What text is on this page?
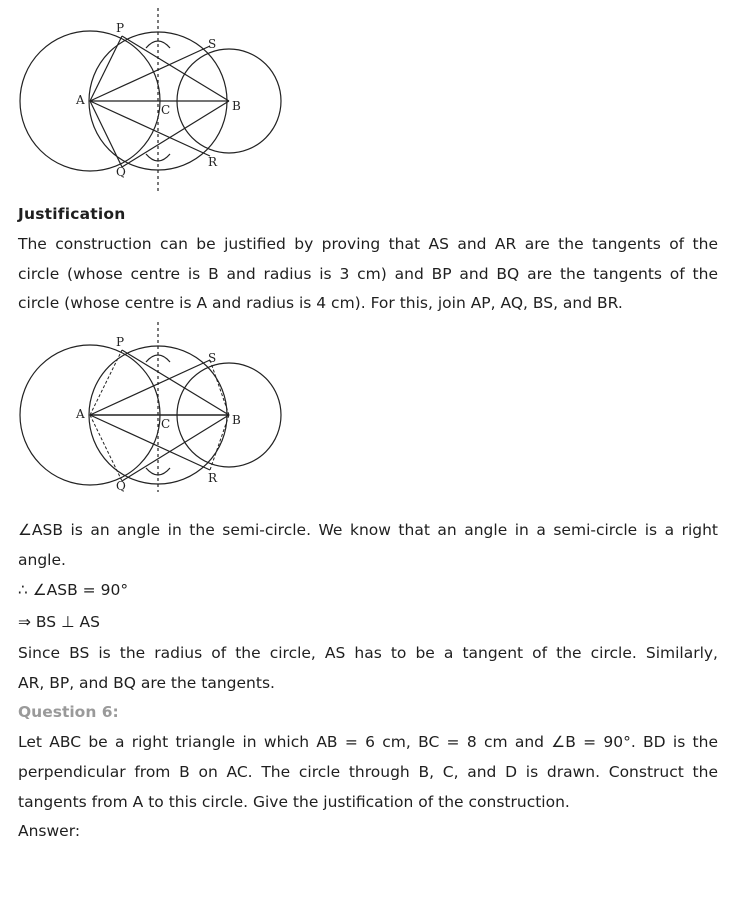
P
S
A	B
C
Q
R
Justification
The construction can be justified by proving that AS and AR are the tangents of the
circle (whose centre is B and radius is 3 cm) and BP and BQ are the tangents of the
circle (whose centre is A and radius is 4 cm). For this, join AP, AQ, BS, and BR.
P
S
A	B
C
Q
R
∠ASB is an angle in the semi-circle. We know that an angle in a semi-circle is a right
angle.
∴ ∠ASB = 90°
⇒ BS ⊥ AS
Since BS is the radius of the circle, AS has to be a tangent of the circle. Similarly,
AR, BP, and BQ are the tangents.
Question 6:
Let ABC be a right triangle in which AB = 6 cm, BC = 8 cm and ∠B = 90°. BD is the
perpendicular from B on AC. The circle through B, C, and D is drawn. Construct the
tangents from A to this circle. Give the justification of the construction.
Answer:
